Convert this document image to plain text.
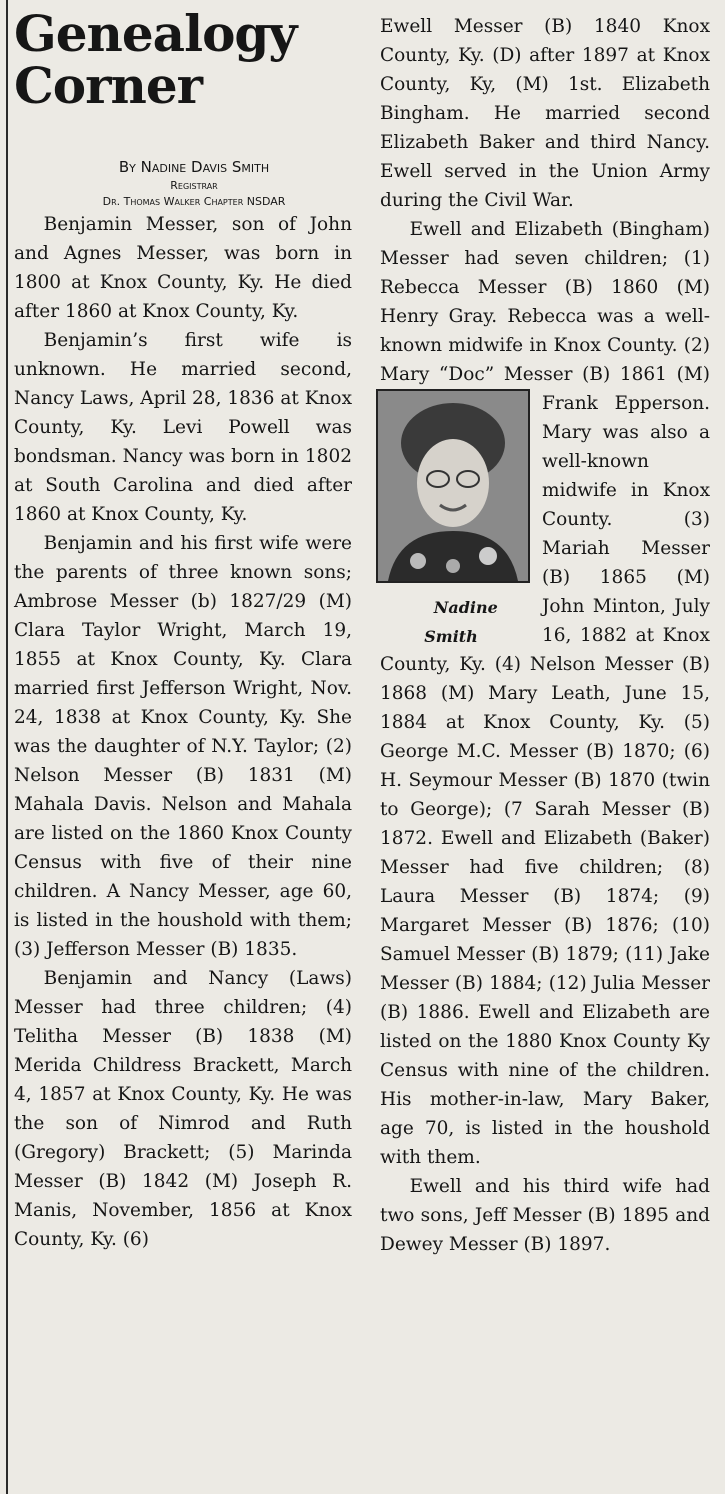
Genealogy
Corner
By Nadine Davis Smith
Registrar
Dr. Thomas Walker Chapter NSDAR

Benjamin Messer, son of John and Agnes Messer, was born in 1800 at Knox County, Ky. He died after 1860 at Knox County, Ky.

Benjamin’s first wife is unknown. He married second, Nancy Laws, April 28, 1836 at Knox County, Ky. Levi Powell was bondsman. Nancy was born in 1802 at South Carolina and died after 1860 at Knox County, Ky.

Benjamin and his first wife were the parents of three known sons; Ambrose Messer (b) 1827/29 (M) Clara Taylor Wright, March 19, 1855 at Knox County, Ky. Clara married first Jefferson Wright, Nov. 24, 1838 at Knox County, Ky. She was the daughter of N.Y. Taylor; (2) Nelson Messer (B) 1831 (M) Mahala Davis. Nelson and Mahala are listed on the 1860 Knox County Census with five of their nine children. A Nancy Messer, age 60, is listed in the houshold with them; (3) Jefferson Messer (B) 1835.

Benjamin and Nancy (Laws) Messer had three children; (4) Telitha Messer (B) 1838 (M) Merida Childress Brackett, March 4, 1857 at Knox County, Ky. He was the son of Nimrod and Ruth (Gregory) Brackett; (5) Marinda Messer (B) 1842 (M) Joseph R. Manis, November, 1856 at Knox County, Ky. (6)

Ewell Messer (B) 1840 Knox County, Ky. (D) after 1897 at Knox County, Ky, (M) 1st. Elizabeth Bingham. He married second Elizabeth Baker and third Nancy. Ewell served in the Union Army during the Civil War.

Ewell and Elizabeth (Bingham) Messer had seven children; (1) Rebecca Messer (B) 1860 (M) Henry Gray. Rebecca was a well-known midwife in Knox County. (2) Mary “Doc” Messer (B) 1861
Nadine Smith
(M) Frank Epperson. Mary was also a well-known midwife in Knox County. (3) Mariah Messer (B) 1865 (M) John Minton, July 16, 1882 at Knox County, Ky. (4) Nelson Messer (B) 1868 (M) Mary Leath, June 15, 1884 at Knox County, Ky. (5) George M.C. Messer (B) 1870; (6) H. Seymour Messer (B) 1870 (twin to George); (7 Sarah Messer (B) 1872. Ewell and Elizabeth (Baker) Messer had five children; (8) Laura Messer (B) 1874; (9) Margaret Messer (B) 1876; (10) Samuel Messer (B) 1879; (11) Jake Messer (B) 1884; (12) Julia Messer (B) 1886. Ewell and Elizabeth are listed on the 1880 Knox County Ky Census with nine of the children. His mother-in-law, Mary Baker, age 70, is listed in the houshold with them.

Ewell and his third wife had two sons, Jeff Messer (B) 1895 and Dewey Messer (B) 1897.
